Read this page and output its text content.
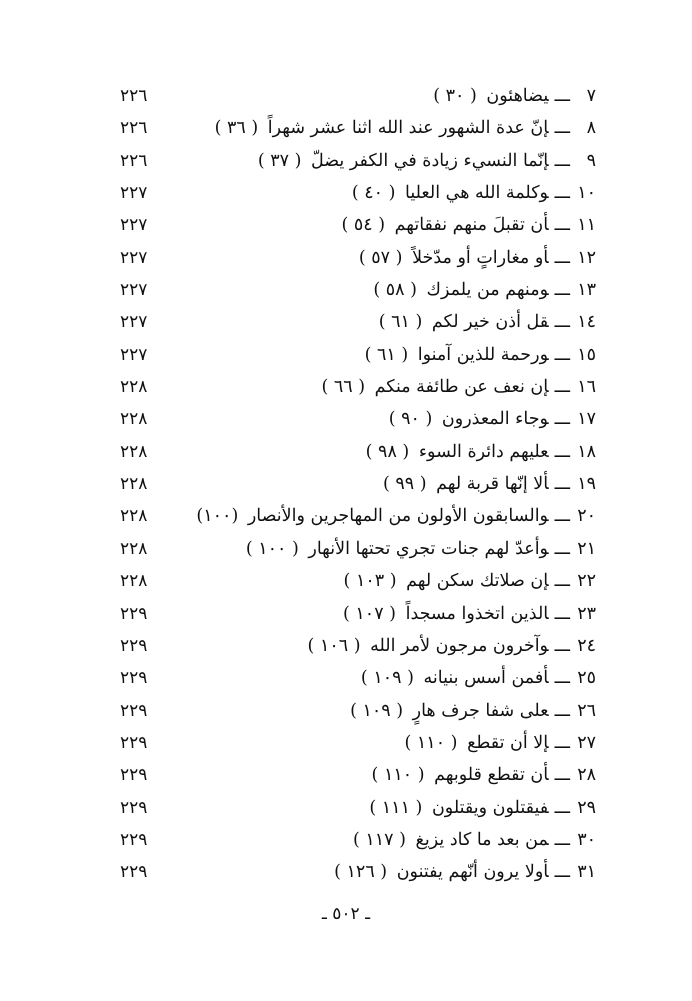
٧ـــيضاهئون ( ٣٠ )
٢٢٦
٨ـــإنّ عدة الشهور عند الله اثنا عشر شهراً ( ٣٦ )
٢٢٦
٩ـــإنّما النسيء زيادة في الكفر يضلّ ( ٣٧ )
٢٢٦
١٠ـــوكلمة الله هي العليا ( ٤٠ )
٢٢٧
١١ـــأن تقبلَ منهم نفقاتهم ( ٥٤ )
٢٢٧
١٢ـــأو مغاراتٍ أو مدّخلاً ( ٥٧ )
٢٢٧
١٣ـــومنهم من يلمزك ( ٥٨ )
٢٢٧
١٤ـــقل أذن خير لكم ( ٦١ )
٢٢٧
١٥ـــورحمة للذين آمنوا ( ٦١ )
٢٢٧
١٦ـــإن نعف عن طائفة منكم ( ٦٦ )
٢٢٨
١٧ـــوجاء المعذرون ( ٩٠ )
٢٢٨
١٨ـــعليهم دائرة السوء ( ٩٨ )
٢٢٨
١٩ـــألا إنّها قربة لهم ( ٩٩ )
٢٢٨
٢٠ـــوالسابقون الأولون من المهاجرين والأنصار (١٠٠)
٢٢٨
٢١ـــوأعدّ لهم جنات تجري تحتها الأنهار ( ١٠٠ )
٢٢٨
٢٢ـــإن صلاتك سكن لهم ( ١٠٣ )
٢٢٨
٢٣ـــالذين اتخذوا مسجداً ( ١٠٧ )
٢٢٩
٢٤ـــوآخرون مرجون لأمر الله ( ١٠٦ )
٢٢٩
٢٥ـــأفمن أسس بنيانه ( ١٠٩ )
٢٢٩
٢٦ـــعلى شفا جرف هارٍ ( ١٠٩ )
٢٢٩
٢٧ـــإلا أن تقطع ( ١١٠ )
٢٢٩
٢٨ـــأن تقطع قلوبهم ( ١١٠ )
٢٢٩
٢٩ـــفيقتلون ويقتلون ( ١١١ )
٢٢٩
٣٠ـــمن بعد ما كاد يزيغ ( ١١٧ )
٢٢٩
٣١ـــأولا يرون أنّهم يفتنون ( ١٢٦ )
٢٢٩
ـ ٥٠٢ ـ
